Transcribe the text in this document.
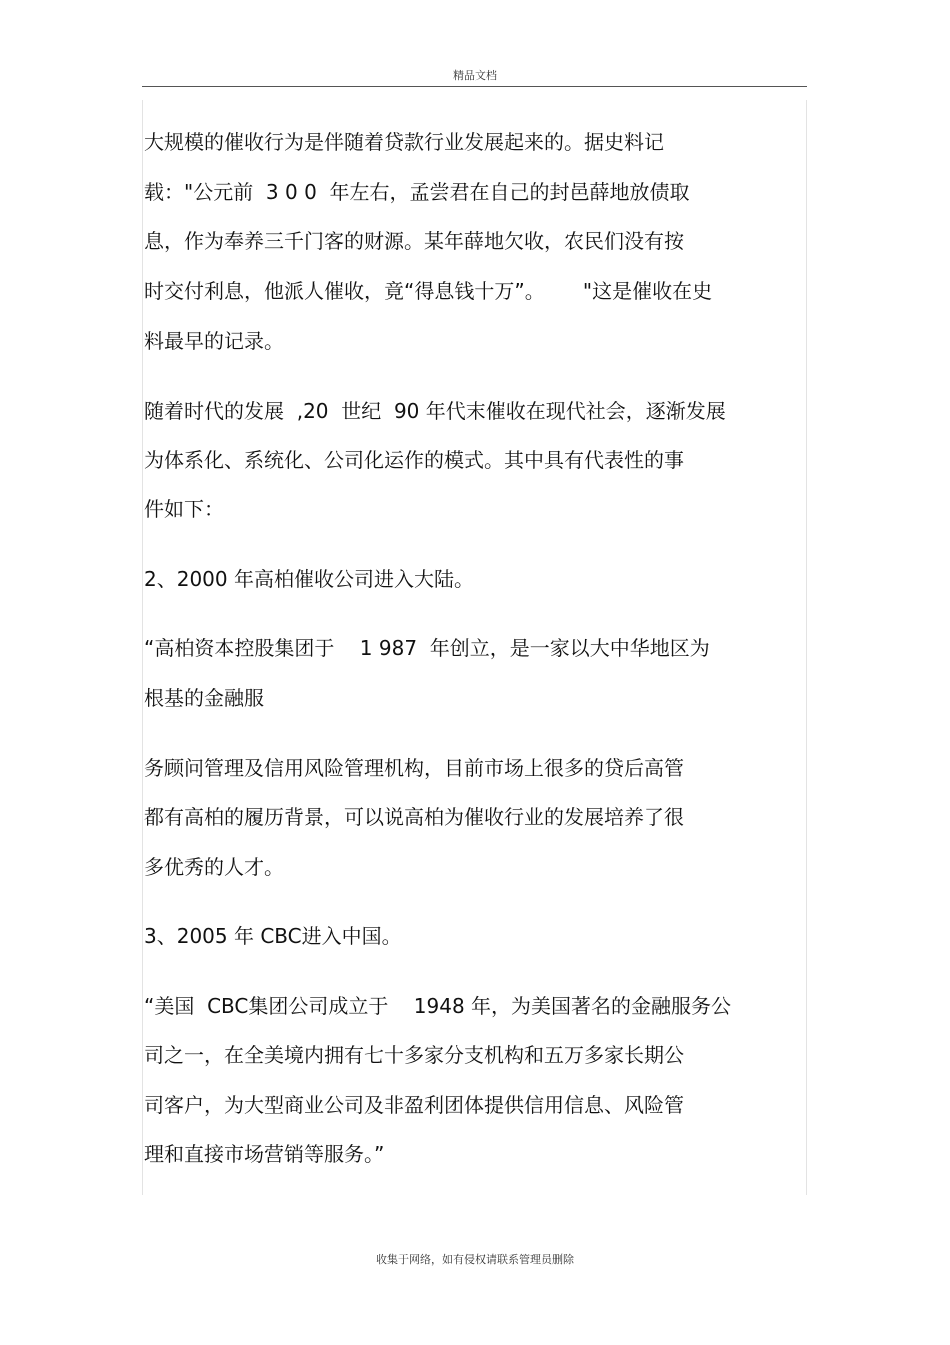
精品文档
大规模的催收行为是伴随着贷款行业发展起来的。据史料记
载："公元前  3 0 0  年左右，孟尝君在自己的封邑薛地放债取
息，作为奉养三千门客的财源。某年薛地欠收，农民们没有按
时交付利息，他派人催收，竟“得息钱十万”。      "这是催收在史
料最早的记录。
随着时代的发展  ,20  世纪  90 年代末催收在现代社会，逐渐发展
为体系化、系统化、公司化运作的模式。其中具有代表性的事
件如下：
2、2000 年高柏催收公司进入大陆。
“高柏资本控股集团于    1 987  年创立，是一家以大中华地区为
根基的金融服
务顾问管理及信用风险管理机构，目前市场上很多的贷后高管
都有高柏的履历背景，可以说高柏为催收行业的发展培养了很
多优秀的人才。
3、2005 年 CBC进入中国。
“美国  CBC集团公司成立于    1948 年，为美国著名的金融服务公
司之一，在全美境内拥有七十多家分支机构和五万多家长期公
司客户，为大型商业公司及非盈利团体提供信用信息、风险管
理和直接市场营销等服务。”
收集于网络，如有侵权请联系管理员删除
